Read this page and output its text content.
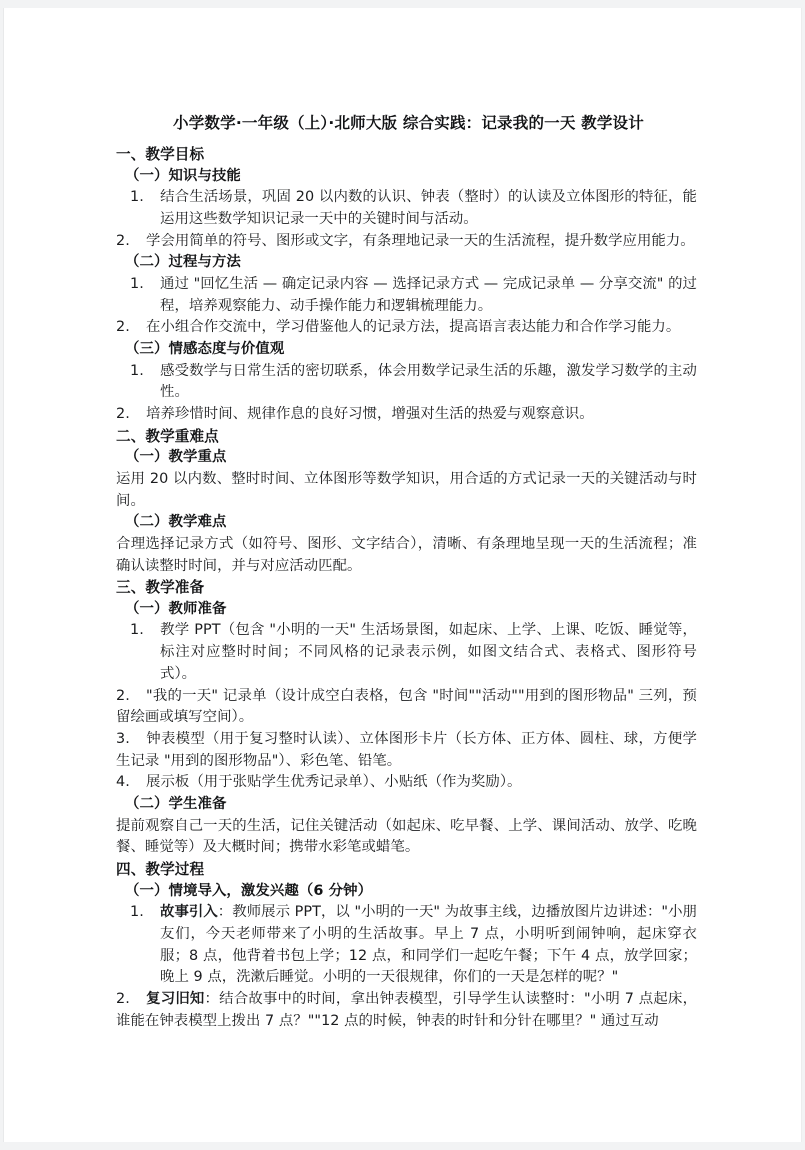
小学数学·一年级（上）·北师大版 综合实践：记录我的一天 教学设计

一、教学目标

（一）知识与技能

1. 结合生活场景，巩固 20 以内数的认识、钟表（整时）的认读及立体图形的特征，能运用这些数学知识记录一天中的关键时间与活动。

2. 学会用简单的符号、图形或文字，有条理地记录一天的生活流程，提升数学应用能力。

（二）过程与方法

1. 通过 "回忆生活 — 确定记录内容 — 选择记录方式 — 完成记录单 — 分享交流" 的过程，培养观察能力、动手操作能力和逻辑梳理能力。

2. 在小组合作交流中，学习借鉴他人的记录方法，提高语言表达能力和合作学习能力。

（三）情感态度与价值观

1. 感受数学与日常生活的密切联系，体会用数学记录生活的乐趣，激发学习数学的主动性。

2. 培养珍惜时间、规律作息的良好习惯，增强对生活的热爱与观察意识。

二、教学重难点

（一）教学重点

运用 20 以内数、整时时间、立体图形等数学知识，用合适的方式记录一天的关键活动与时间。

（二）教学难点

合理选择记录方式（如符号、图形、文字结合），清晰、有条理地呈现一天的生活流程；准确认读整时时间，并与对应活动匹配。

三、教学准备

（一）教师准备

1. 教学 PPT（包含 "小明的一天" 生活场景图，如起床、上学、上课、吃饭、睡觉等，标注对应整时时间；不同风格的记录表示例，如图文结合式、表格式、图形符号式）。

2. "我的一天" 记录单（设计成空白表格，包含 "时间""活动""用到的图形物品" 三列，预留绘画或填写空间）。

3. 钟表模型（用于复习整时认读）、立体图形卡片（长方体、正方体、圆柱、球，方便学生记录 "用到的图形物品"）、彩色笔、铅笔。

4. 展示板（用于张贴学生优秀记录单）、小贴纸（作为奖励）。

（二）学生准备

提前观察自己一天的生活，记住关键活动（如起床、吃早餐、上学、课间活动、放学、吃晚餐、睡觉等）及大概时间；携带水彩笔或蜡笔。

四、教学过程

（一）情境导入，激发兴趣（6 分钟）

1. 故事引入：教师展示 PPT，以 "小明的一天" 为故事主线，边播放图片边讲述："小朋友们，今天老师带来了小明的生活故事。早上 7 点，小明听到闹钟响，起床穿衣服；8 点，他背着书包上学；12 点，和同学们一起吃午餐；下午 4 点，放学回家；晚上 9 点，洗漱后睡觉。小明的一天很规律，你们的一天是怎样的呢？"

2. 复习旧知：结合故事中的时间，拿出钟表模型，引导学生认读整时："小明 7 点起床，谁能在钟表模型上拨出 7 点？""12 点的时候，钟表的时针和分针在哪里？" 通过互动
